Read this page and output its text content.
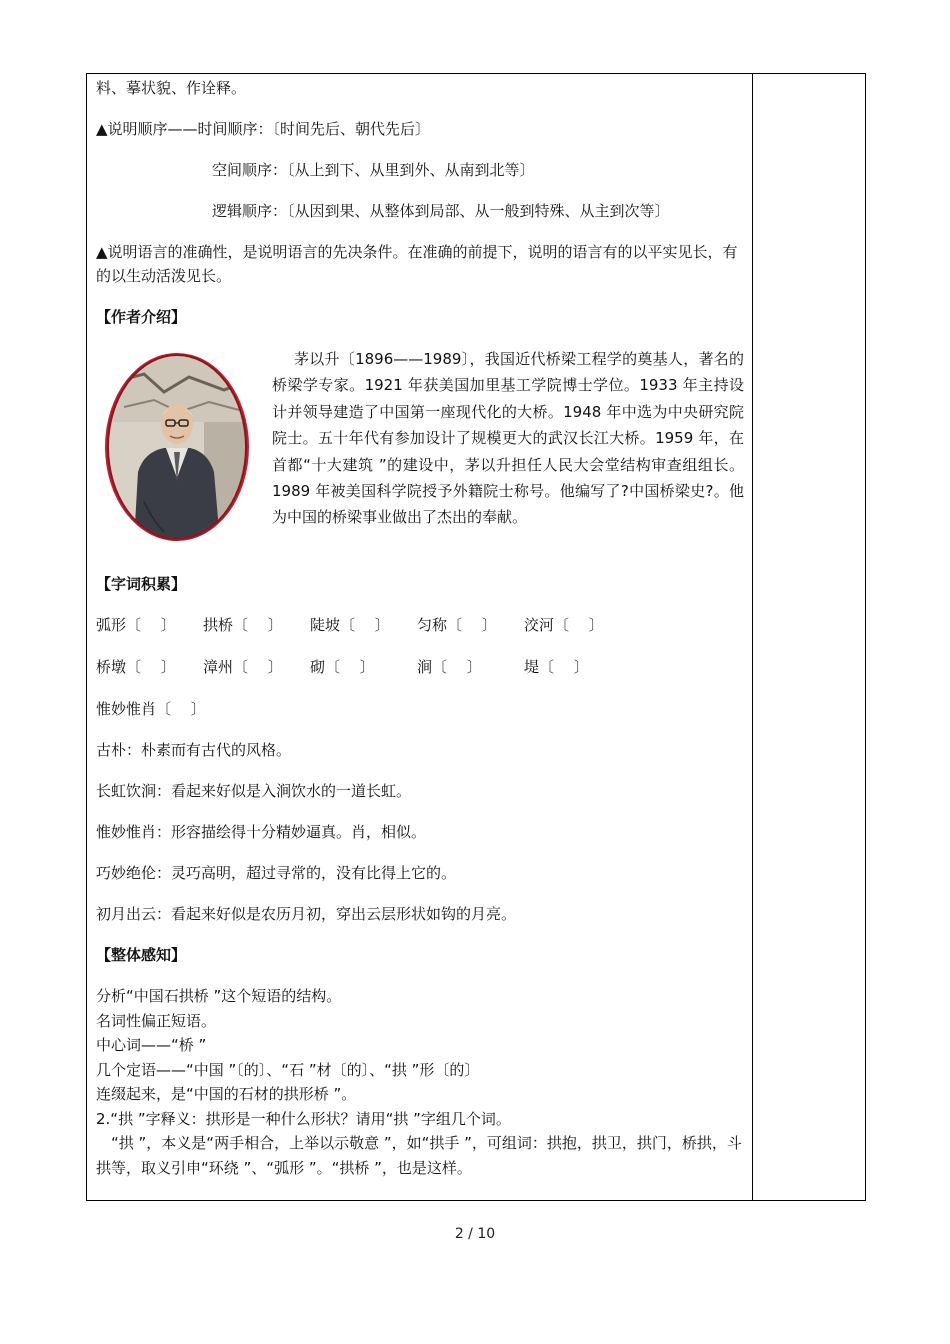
料、摹状貌、作诠释。

▲说明顺序——时间顺序：〔时间先后、朝代先后〕

空间顺序：〔从上到下、从里到外、从南到北等〕

逻辑顺序：〔从因到果、从整体到局部、从一般到特殊、从主到次等〕

▲说明语言的准确性，是说明语言的先决条件。在准确的前提下，说明的语言有的以平实见长，有的以生动活泼见长。

【作者介绍】

茅以升〔1896——1989〕，我国近代桥梁工程学的奠基人，著名的桥梁学专家。1921 年获美国加里基工学院博士学位。1933 年主持设计并领导建造了中国第一座现代化的大桥。1948 年中选为中央研究院院士。五十年代有参加设计了规模更大的武汉长江大桥。1959 年，在首都“十大建筑 ”的建设中，茅以升担任人民大会堂结构审查组组长。1989 年被美国科学院授予外籍院士称号。他编写了?中国桥梁史?。他为中国的桥梁事业做出了杰出的奉献。

【字词积累】

弧形〔　 〕	拱桥〔　 〕	陡坡〔　 〕	匀称〔　 〕	洨河〔　 〕
桥墩〔　 〕	漳州〔　 〕	砌〔　 〕	涧〔　 〕	堤〔　 〕

惟妙惟肖〔　 〕

古朴：朴素而有古代的风格。

长虹饮涧：看起来好似是入涧饮水的一道长虹。

惟妙惟肖：形容描绘得十分精妙逼真。肖，相似。

巧妙绝伦：灵巧高明，超过寻常的，没有比得上它的。

初月出云：看起来好似是农历月初，穿出云层形状如钩的月亮。

【整体感知】

分析“中国石拱桥 ”这个短语的结构。

名词性偏正短语。

中心词——“桥 ”

几个定语——“中国 ”〔的〕、“石 ”材〔的〕、“拱 ”形〔的〕

连缀起来，是“中国的石材的拱形桥 ”。

2.“拱 ”字释义：拱形是一种什么形状？请用“拱 ”字组几个词。

　“拱 ”，本义是“两手相合，上举以示敬意 ”，如“拱手 ”，可组词：拱抱，拱卫，拱门，桥拱，斗拱等，取义引申“环绕 ”、“弧形 ”。“拱桥 ”，也是这样。

2 / 10
